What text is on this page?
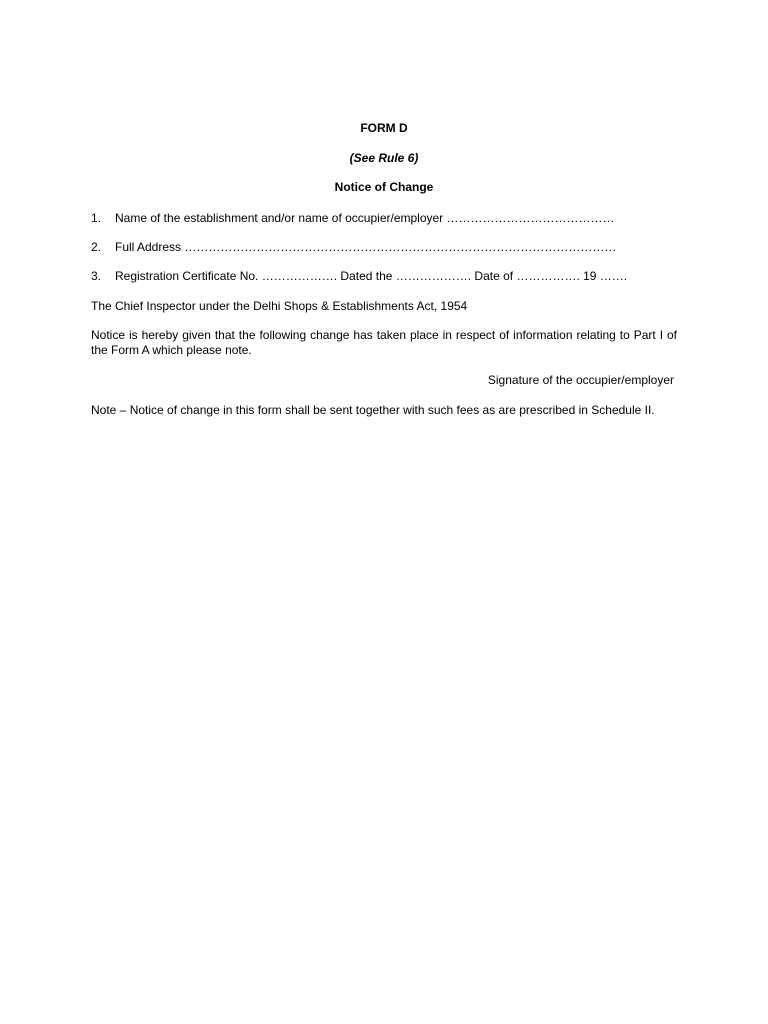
FORM D
(See Rule 6)
Notice of Change
1. Name of the establishment and/or name of occupier/employer ……………………………………
2. Full Address ………………………………………………………………………………………………
3. Registration Certificate No. ………………. Dated the ………………. Date of ……………. 19 …….
The Chief Inspector under the Delhi Shops & Establishments Act, 1954
Notice is hereby given that the following change has taken place in respect of information relating to Part I of the Form A which please note.
Signature of the occupier/employer
Note – Notice of change in this form shall be sent together with such fees as are prescribed in Schedule II.
